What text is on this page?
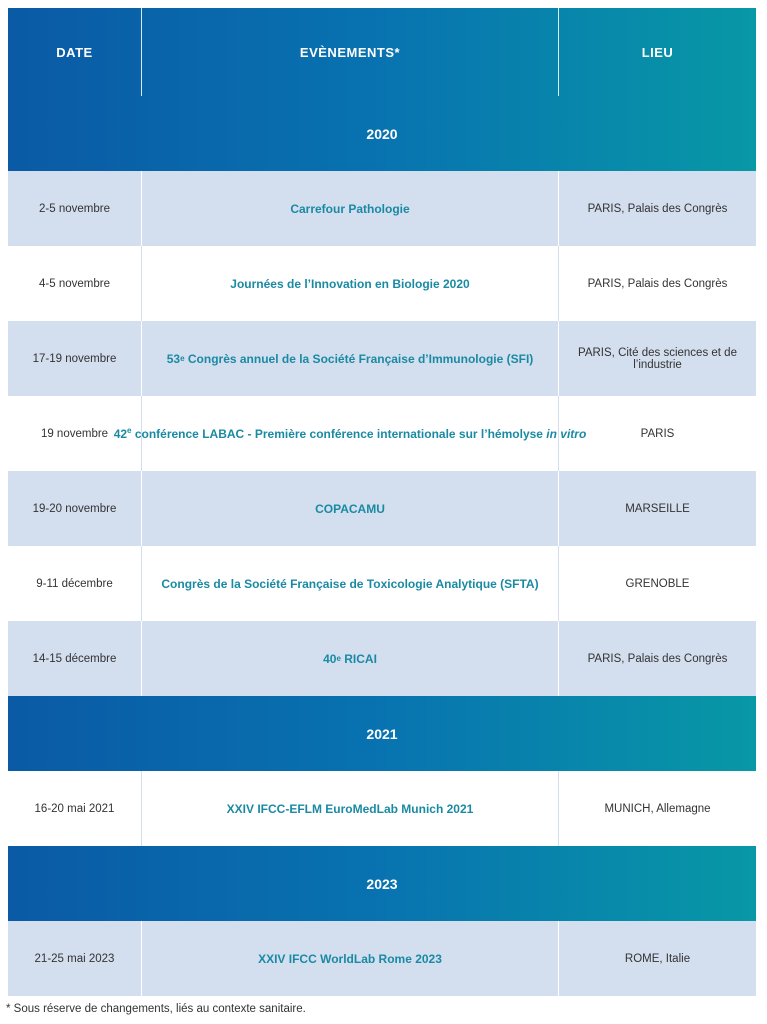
DATE	EVÈNEMENTS*	LIEU
2020
2-5 novembre	Carrefour Pathologie	PARIS, Palais des Congrès
4-5 novembre	Journées de l’Innovation en Biologie 2020	PARIS, Palais des Congrès
17-19 novembre	53 e Congrès annuel de la Société Française d’Immunologie (SFI)	PARIS, Cité des sciences et de l’industrie
19 novembre 42e conférence LABAC - Première conférence internationale sur l’hémolyse in vitro	PARIS
19-20 novembre	COPACAMU	MARSEILLE
9-11 décembre	Congrès de la Société Française de Toxicologie Analytique (SFTA)	GRENOBLE
14-15 décembre	40 e RICAI	PARIS, Palais des Congrès
2021
16-20 mai 2021	XXIV IFCC-EFLM EuroMedLab Munich 2021	MUNICH, Allemagne
2023
21-25 mai 2023	XXIV IFCC WorldLab Rome 2023	ROME, Italie
* Sous réserve de changements, liés au contexte sanitaire.
